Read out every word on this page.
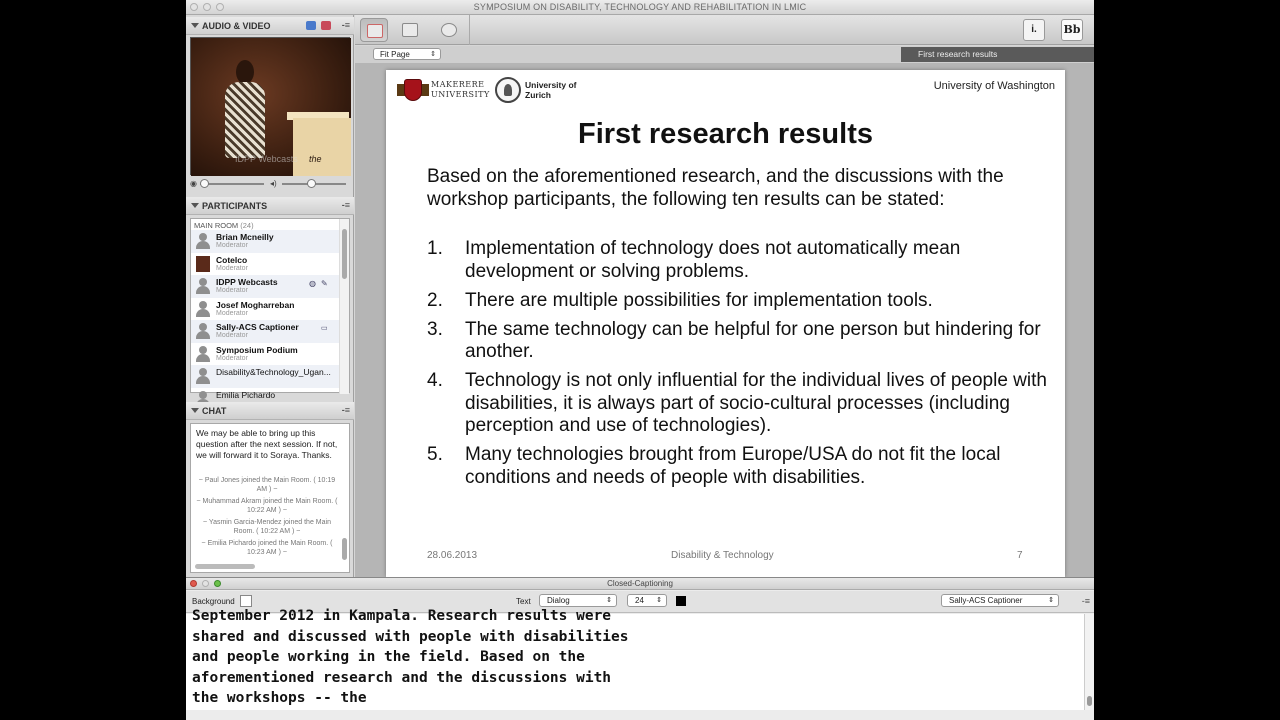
SYMPOSIUM ON DISABILITY, TECHNOLOGY AND REHABILITATION IN LMIC
AUDIO & VIDEO	-≡
IDPP Webcasts the
◉	◂)
PARTICIPANTS	-≡
MAIN ROOM (24)
Brian Mcneilly
Moderator
Cotelco
Moderator
IDPP Webcasts
Moderator
◍ ✎
Josef Mogharreban
Moderator
Sally-ACS Captioner
Moderator
▭
Symposium Podium
Moderator
Disability&Technology_Ugan...
Emilia Pichardo
CHAT	-≡
We may be able to bring up this question after the next session. If not, we will forward it to Soraya. Thanks.
~ Paul Jones joined the Main Room. ( 10:19 AM ) ~
~ Muhammad Akram joined the Main Room. ( 10:22 AM ) ~
~ Yasmin Garcia-Mendez joined the Main Room. ( 10:22 AM ) ~
~ Emilia Pichardo joined the Main Room. ( 10:23 AM ) ~
i.	Bb
Fit Page	⇕	First research results
MAKERERE
UNIVERSITY
University of
Zurich
University of Washington
First research results
Based on the aforementioned research, and the discussions with the workshop participants, the following ten results can be stated:
1. Implementation of technology does not automatically mean development or solving problems.
2. There are multiple possibilities for implementation tools.
3. The same technology can be helpful for one person but hindering for another.
4. Technology is not only influential for the individual lives of people with disabilities, it is always part of socio-cultural processes (including perception and use of technologies).
5. Many technologies brought from Europe/USA do not fit the local conditions and needs of people with disabilities.
28.06.2013	Disability & Technology	7
Closed-Captioning
Background	Text	Dialog	⇕	24 ⇕	Sally-ACS Captioner	⇕	-≡
September 2012 in Kampala. Research results were
shared and discussed with people with disabilities
and people working in the field. Based on the
aforementioned research and the discussions with
the workshops -- the
